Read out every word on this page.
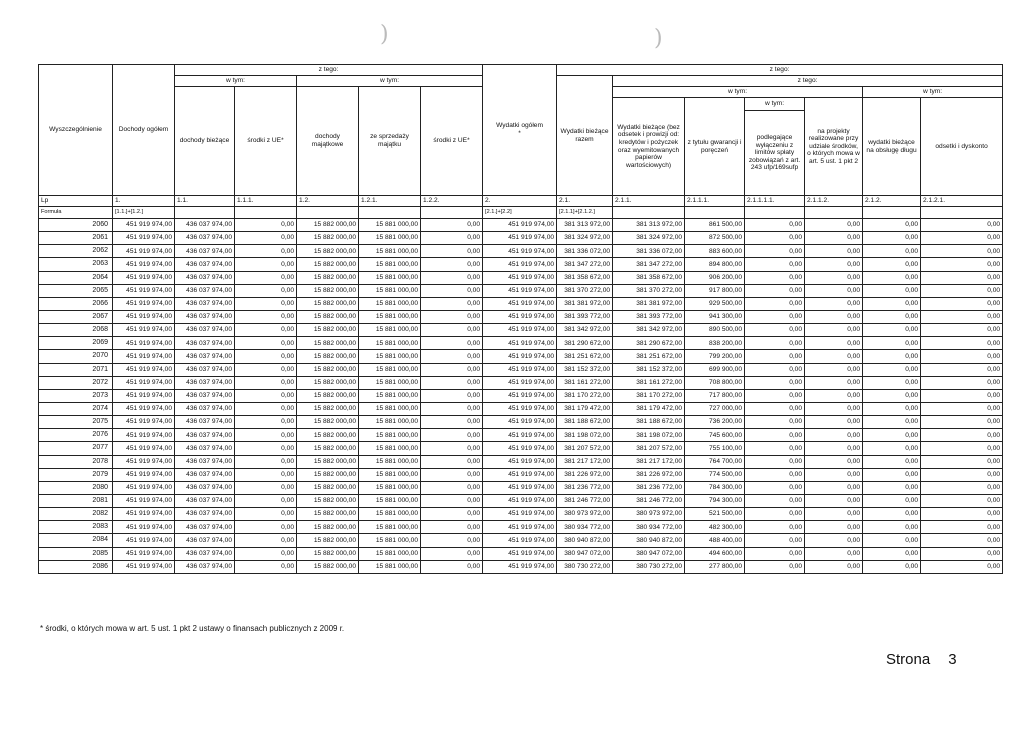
)	)
Wyszczególnienie	Dochody ogółem	z tego:					Wydatki ogółem
*	z tego:						
		w tym:		w tym:				Wydatki bieżące razem	z tego:					
		dochody bieżące	środki z UE*	dochody majątkowe	ze sprzedaży majątku	środki z UE*			w tym:				w tym:	
									Wydatki bieżące (bez odsetek i prowizji od: kredytów i pożyczek oraz wyemitowanych papierów wartościowych)	z tytułu gwarancji i poręczeń	w tym:	na projekty realizowane przy udziale środków, o których mowa w art. 5 ust. 1 pkt 2	wydatki bieżące na obsługę długu	odsetki i dyskonto
											podlegające wyłączeniu z limitów spłaty zobowiązań z art. 243 ufp/169sufp			
Lp	1.	1.1.	1.1.1.	1.2.	1.2.1.	1.2.2.	2.	2.1.	2.1.1.	2.1.1.1.	2.1.1.1.1.	2.1.1.2.	2.1.2.	2.1.2.1.
Formuła	[1.1.]+[1.2.]						[2.1.]+[2.2]	[2.1.1]+[2.1.2.]						
2060	451 919 974,00	436 037 974,00	0,00	15 882 000,00	15 881 000,00	0,00	451 919 974,00	381 313 972,00	381 313 972,00	861 500,00	0,00	0,00	0,00	0,00
2061	451 919 974,00	436 037 974,00	0,00	15 882 000,00	15 881 000,00	0,00	451 919 974,00	381 324 972,00	381 324 972,00	872 500,00	0,00	0,00	0,00	0,00
2062	451 919 974,00	436 037 974,00	0,00	15 882 000,00	15 881 000,00	0,00	451 919 974,00	381 336 072,00	381 336 072,00	883 600,00	0,00	0,00	0,00	0,00
2063	451 919 974,00	436 037 974,00	0,00	15 882 000,00	15 881 000,00	0,00	451 919 974,00	381 347 272,00	381 347 272,00	894 800,00	0,00	0,00	0,00	0,00
2064	451 919 974,00	436 037 974,00	0,00	15 882 000,00	15 881 000,00	0,00	451 919 974,00	381 358 672,00	381 358 672,00	906 200,00	0,00	0,00	0,00	0,00
2065	451 919 974,00	436 037 974,00	0,00	15 882 000,00	15 881 000,00	0,00	451 919 974,00	381 370 272,00	381 370 272,00	917 800,00	0,00	0,00	0,00	0,00
2066	451 919 974,00	436 037 974,00	0,00	15 882 000,00	15 881 000,00	0,00	451 919 974,00	381 381 972,00	381 381 972,00	929 500,00	0,00	0,00	0,00	0,00
2067	451 919 974,00	436 037 974,00	0,00	15 882 000,00	15 881 000,00	0,00	451 919 974,00	381 393 772,00	381 393 772,00	941 300,00	0,00	0,00	0,00	0,00
2068	451 919 974,00	436 037 974,00	0,00	15 882 000,00	15 881 000,00	0,00	451 919 974,00	381 342 972,00	381 342 972,00	890 500,00	0,00	0,00	0,00	0,00
2069	451 919 974,00	436 037 974,00	0,00	15 882 000,00	15 881 000,00	0,00	451 919 974,00	381 290 672,00	381 290 672,00	838 200,00	0,00	0,00	0,00	0,00
2070	451 919 974,00	436 037 974,00	0,00	15 882 000,00	15 881 000,00	0,00	451 919 974,00	381 251 672,00	381 251 672,00	799 200,00	0,00	0,00	0,00	0,00
2071	451 919 974,00	436 037 974,00	0,00	15 882 000,00	15 881 000,00	0,00	451 919 974,00	381 152 372,00	381 152 372,00	699 900,00	0,00	0,00	0,00	0,00
2072	451 919 974,00	436 037 974,00	0,00	15 882 000,00	15 881 000,00	0,00	451 919 974,00	381 161 272,00	381 161 272,00	708 800,00	0,00	0,00	0,00	0,00
2073	451 919 974,00	436 037 974,00	0,00	15 882 000,00	15 881 000,00	0,00	451 919 974,00	381 170 272,00	381 170 272,00	717 800,00	0,00	0,00	0,00	0,00
2074	451 919 974,00	436 037 974,00	0,00	15 882 000,00	15 881 000,00	0,00	451 919 974,00	381 179 472,00	381 179 472,00	727 000,00	0,00	0,00	0,00	0,00
2075	451 919 974,00	436 037 974,00	0,00	15 882 000,00	15 881 000,00	0,00	451 919 974,00	381 188 672,00	381 188 672,00	736 200,00	0,00	0,00	0,00	0,00
2076	451 919 974,00	436 037 974,00	0,00	15 882 000,00	15 881 000,00	0,00	451 919 974,00	381 198 072,00	381 198 072,00	745 600,00	0,00	0,00	0,00	0,00
2077	451 919 974,00	436 037 974,00	0,00	15 882 000,00	15 881 000,00	0,00	451 919 974,00	381 207 572,00	381 207 572,00	755 100,00	0,00	0,00	0,00	0,00
2078	451 919 974,00	436 037 974,00	0,00	15 882 000,00	15 881 000,00	0,00	451 919 974,00	381 217 172,00	381 217 172,00	764 700,00	0,00	0,00	0,00	0,00
2079	451 919 974,00	436 037 974,00	0,00	15 882 000,00	15 881 000,00	0,00	451 919 974,00	381 226 972,00	381 226 972,00	774 500,00	0,00	0,00	0,00	0,00
2080	451 919 974,00	436 037 974,00	0,00	15 882 000,00	15 881 000,00	0,00	451 919 974,00	381 236 772,00	381 236 772,00	784 300,00	0,00	0,00	0,00	0,00
2081	451 919 974,00	436 037 974,00	0,00	15 882 000,00	15 881 000,00	0,00	451 919 974,00	381 246 772,00	381 246 772,00	794 300,00	0,00	0,00	0,00	0,00
2082	451 919 974,00	436 037 974,00	0,00	15 882 000,00	15 881 000,00	0,00	451 919 974,00	380 973 972,00	380 973 972,00	521 500,00	0,00	0,00	0,00	0,00
2083	451 919 974,00	436 037 974,00	0,00	15 882 000,00	15 881 000,00	0,00	451 919 974,00	380 934 772,00	380 934 772,00	482 300,00	0,00	0,00	0,00	0,00
2084	451 919 974,00	436 037 974,00	0,00	15 882 000,00	15 881 000,00	0,00	451 919 974,00	380 940 872,00	380 940 872,00	488 400,00	0,00	0,00	0,00	0,00
2085	451 919 974,00	436 037 974,00	0,00	15 882 000,00	15 881 000,00	0,00	451 919 974,00	380 947 072,00	380 947 072,00	494 600,00	0,00	0,00	0,00	0,00
2086	451 919 974,00	436 037 974,00	0,00	15 882 000,00	15 881 000,00	0,00	451 919 974,00	380 730 272,00	380 730 272,00	277 800,00	0,00	0,00	0,00	0,00
* środki, o których mowa w art. 5 ust. 1 pkt 2 ustawy o finansach publicznych z 2009 r.
Strona 3
